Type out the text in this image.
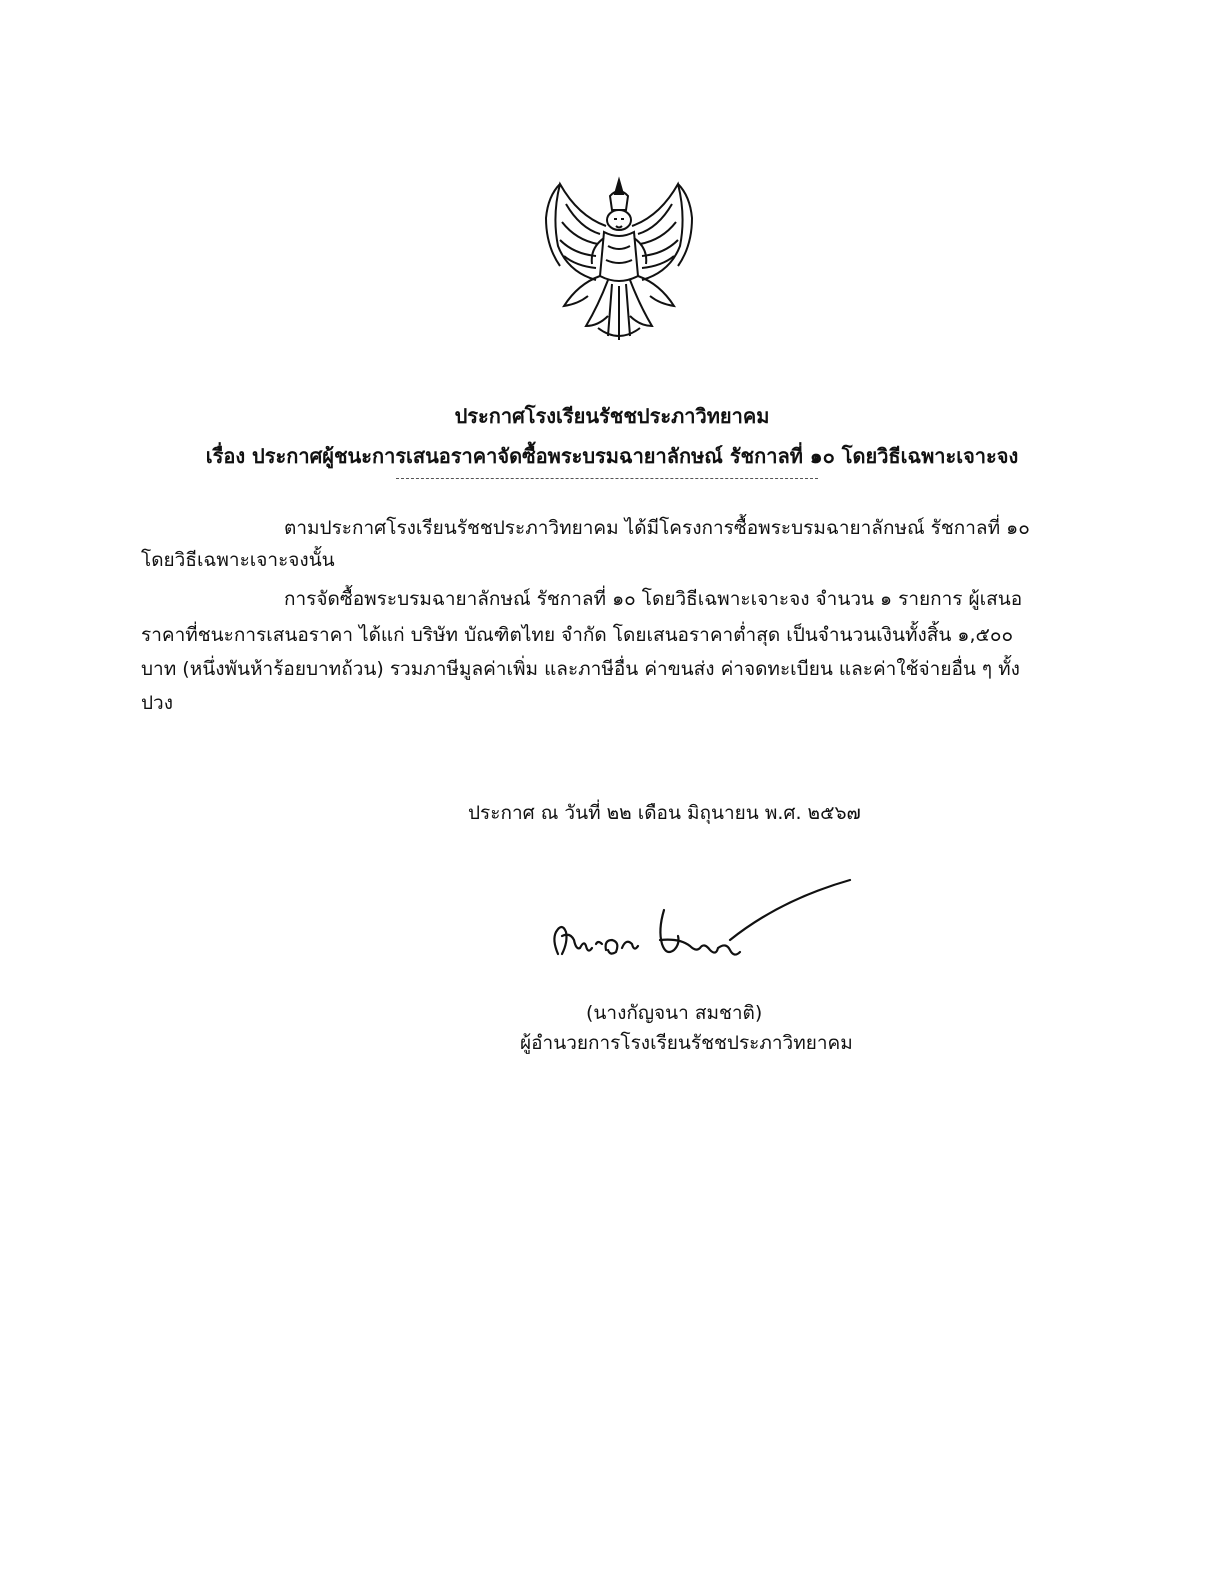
ประกาศโรงเรียนรัชชประภาวิทยาคม
เรื่อง ประกาศผู้ชนะการเสนอราคาจัดซื้อพระบรมฉายาลักษณ์ รัชกาลที่ ๑๐ โดยวิธีเฉพาะเจาะจง
ตามประกาศโรงเรียนรัชชประภาวิทยาคม ได้มีโครงการซื้อพระบรมฉายาลักษณ์ รัชกาลที่ ๑๐
โดยวิธีเฉพาะเจาะจงนั้น
การจัดซื้อพระบรมฉายาลักษณ์ รัชกาลที่ ๑๐ โดยวิธีเฉพาะเจาะจง จำนวน ๑ รายการ ผู้เสนอ
ราคาที่ชนะการเสนอราคา ได้แก่ บริษัท บัณฑิตไทย จำกัด โดยเสนอราคาต่ำสุด เป็นจำนวนเงินทั้งสิ้น ๑,๕๐๐
บาท (หนึ่งพันห้าร้อยบาทถ้วน) รวมภาษีมูลค่าเพิ่ม และภาษีอื่น ค่าขนส่ง ค่าจดทะเบียน และค่าใช้จ่ายอื่น ๆ ทั้ง
ปวง
ประกาศ ณ วันที่ ๒๒ เดือน มิถุนายน พ.ศ. ๒๕๖๗
(นางกัญจนา สมชาติ)
ผู้อำนวยการโรงเรียนรัชชประภาวิทยาคม
